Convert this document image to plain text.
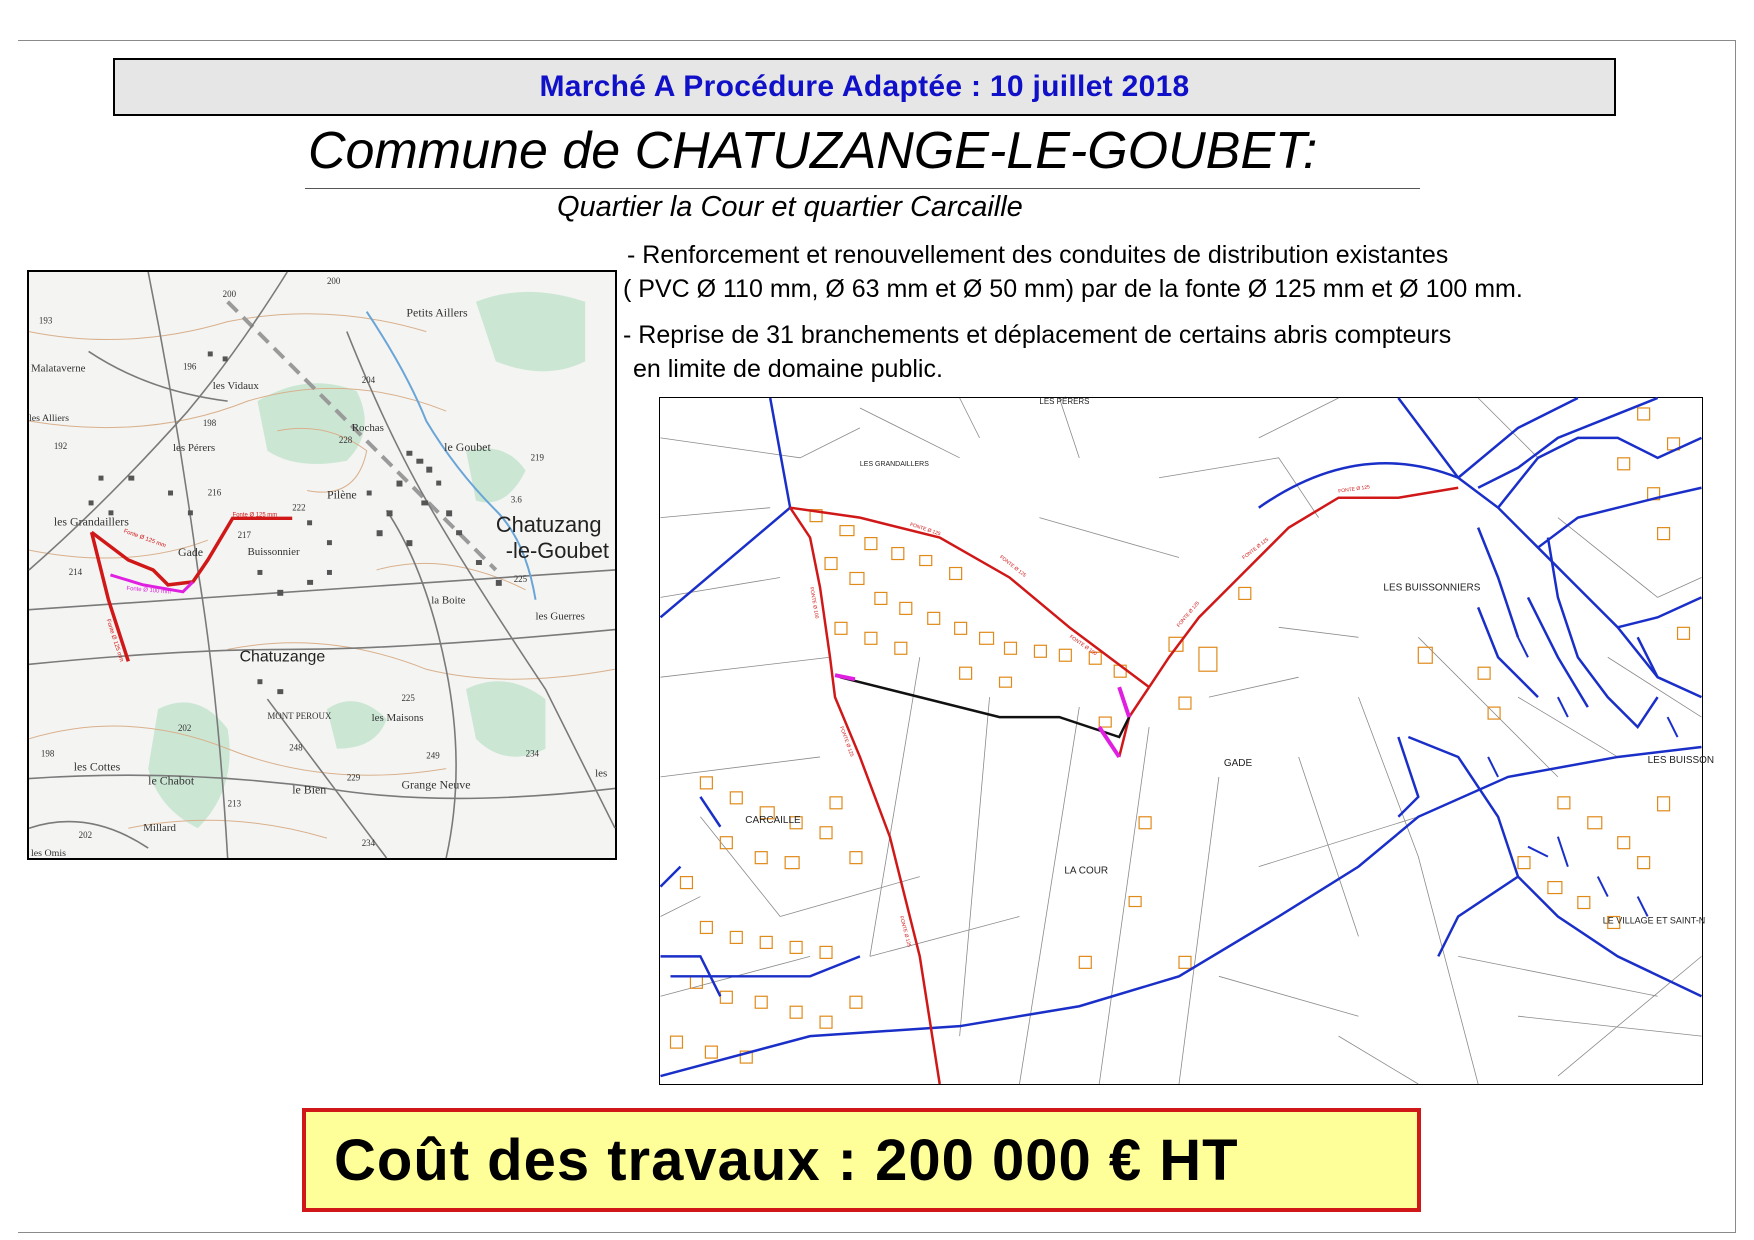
Marché A Procédure Adaptée : 10 juillet 2018
Commune de CHATUZANGE-LE-GOUBET:
Quartier la Cour et quartier Carcaille
- Renforcement et renouvellement des conduites de distribution existantes
( PVC Ø 110 mm, Ø 63 mm et Ø 50 mm) par de la fonte Ø 125 mm et Ø 100 mm.
- Reprise de 31 branchements et déplacement de certains abris compteurs
en limite de domaine public.
Petits Aillers
Malataverne
les Vidaux
les Alliers
les Pérers
Rochas
le Goubet
Pilène
les Grandaillers
Gade	Buissonnier
Chatuzang
-le-Goubet
la Boite
les Guerres
Chatuzange
MONT PEROUX	les Maisons
les Cottes
le Chabot
le Bien	Grange Neuve
Millard
les Omis
les
200
200
193
196
204
198
192
228
219
222
216
217
214
225
202
225
248
249
198
229
234
213
202
234
3.6
Fonte Ø 125 mm
Fonte Ø 125 mm
Fonte Ø 100 mm
Fonte Ø 125 mm
LES PÉRERS
LES GRANDAILLERS
LES BUISSONNIERS
GADE
CARCAILLE
LA COUR
LES BUISSON
LE VILLAGE ET SAINT-N
FONTE Ø 125
FONTE Ø 125
FONTE Ø 125
FONTE Ø 125
FONTE Ø 100
FONTE Ø 125
FONTE Ø 125
FONTE Ø 100
FONTE Ø 125
Coût des travaux : 200 000 € HT
